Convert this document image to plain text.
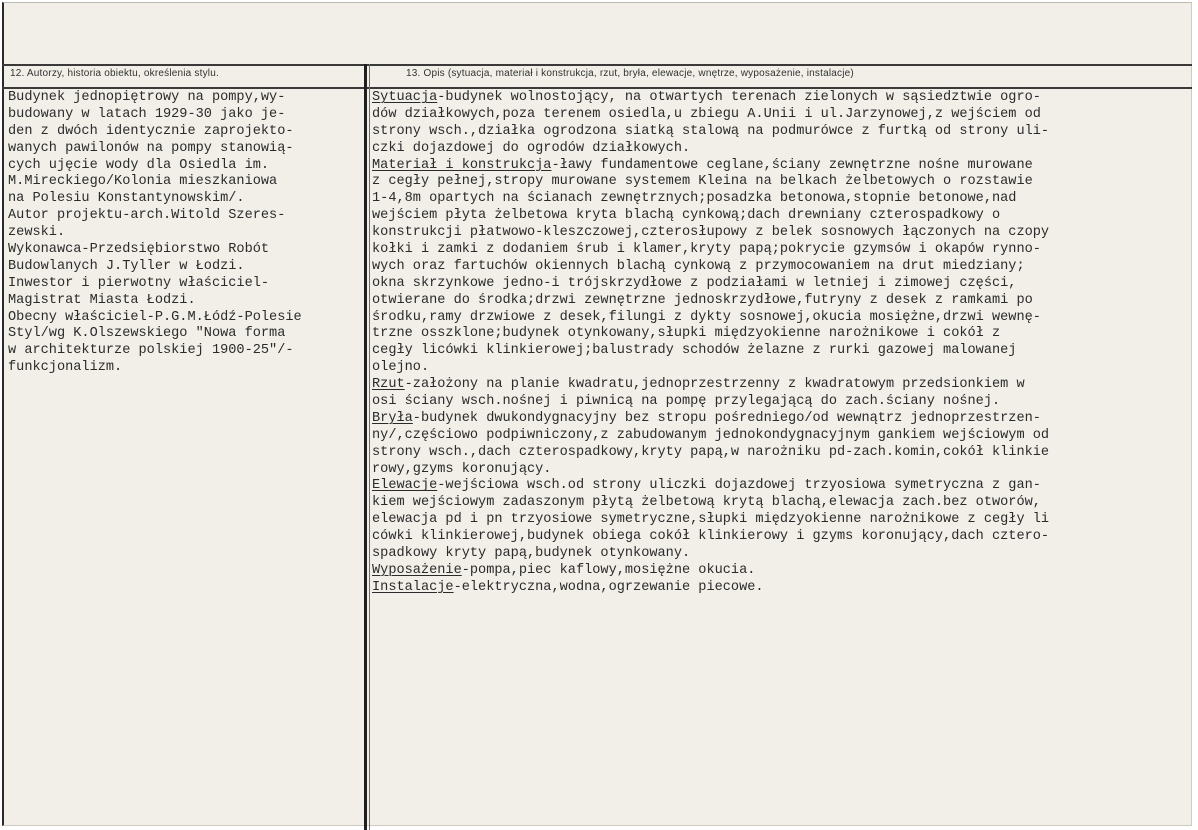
12. Autorzy, historia obiektu, określenia stylu.	13. Opis (sytuacja, materiał i konstrukcja, rzut, bryła, elewacje, wnętrze, wyposażenie, instalacje)
Budynek jednopiętrowy na pompy,wy-
budowany w latach 1929-30 jako je-
den z dwóch identycznie zaprojekto-
wanych pawilonów na pompy stanowią-
cych ujęcie wody dla Osiedla im.
M.Mireckiego/Kolonia mieszkaniowa
na Polesiu Konstantynowskim/.
Autor projektu-arch.Witold Szeres-
zewski.
Wykonawca-Przedsiębiorstwo Robót
Budowlanych J.Tyller w Łodzi.
Inwestor i pierwotny właściciel-
Magistrat Miasta Łodzi.
Obecny właściciel-P.G.M.Łódź-Polesie
Styl/wg K.Olszewskiego "Nowa forma
w architekturze polskiej 1900-25"/-
funkcjonalizm.
Sytuacja-budynek wolnostojący, na otwartych terenach zielonych w sąsiedztwie ogro-
dów działkowych,poza terenem osiedla,u zbiegu A.Unii i ul.Jarzynowej,z wejściem od
strony wsch.,działka ogrodzona siatką stalową na podmurówce z furtką od strony uli-
czki dojazdowej do ogrodów działkowych.
Materiał i konstrukcja-ławy fundamentowe ceglane,ściany zewnętrzne nośne murowane
z cegły pełnej,stropy murowane systemem Kleina na belkach żelbetowych o rozstawie
1-4,8m opartych na ścianach zewnętrznych;posadzka betonowa,stopnie betonowe,nad
wejściem płyta żelbetowa kryta blachą cynkową;dach drewniany czterospadkowy o
konstrukcji płatwowo-kleszczowej,czterosłupowy z belek sosnowych łączonych na czopy
kołki i zamki z dodaniem śrub i klamer,kryty papą;pokrycie gzymsów i okapów rynno-
wych oraz fartuchów okiennych blachą cynkową z przymocowaniem na drut miedziany;
okna skrzynkowe jedno-i trójskrzydłowe z podziałami w letniej i zimowej części,
otwierane do środka;drzwi zewnętrzne jednoskrzydłowe,futryny z desek z ramkami po
środku,ramy drzwiowe z desek,filungi z dykty sosnowej,okucia mosiężne,drzwi wewnę-
trzne osszklone;budynek otynkowany,słupki międzyokienne narożnikowe i cokół z
cegły licówki klinkierowej;balustrady schodów żelazne z rurki gazowej malowanej
olejno.
Rzut-założony na planie kwadratu,jednoprzestrzenny z kwadratowym przedsionkiem w
osi ściany wsch.nośnej i piwnicą na pompę przylegającą do zach.ściany nośnej.
Bryła-budynek dwukondygnacyjny bez stropu pośredniego/od wewnątrz jednoprzestrzen-
ny/,częściowo podpiwniczony,z zabudowanym jednokondygnacyjnym gankiem wejściowym od
strony wsch.,dach czterospadkowy,kryty papą,w narożniku pd-zach.komin,cokół klinkie
rowy,gzyms koronujący.
Elewacje-wejściowa wsch.od strony uliczki dojazdowej trzyosiowa symetryczna z gan-
kiem wejściowym zadaszonym płytą żelbetową krytą blachą,elewacja zach.bez otworów,
elewacja pd i pn trzyosiowe symetryczne,słupki międzyokienne narożnikowe z cegły li
cówki klinkierowej,budynek obiega cokół klinkierowy i gzyms koronujący,dach cztero-
spadkowy kryty papą,budynek otynkowany.
Wyposażenie-pompa,piec kaflowy,mosiężne okucia.
Instalacje-elektryczna,wodna,ogrzewanie piecowe.
